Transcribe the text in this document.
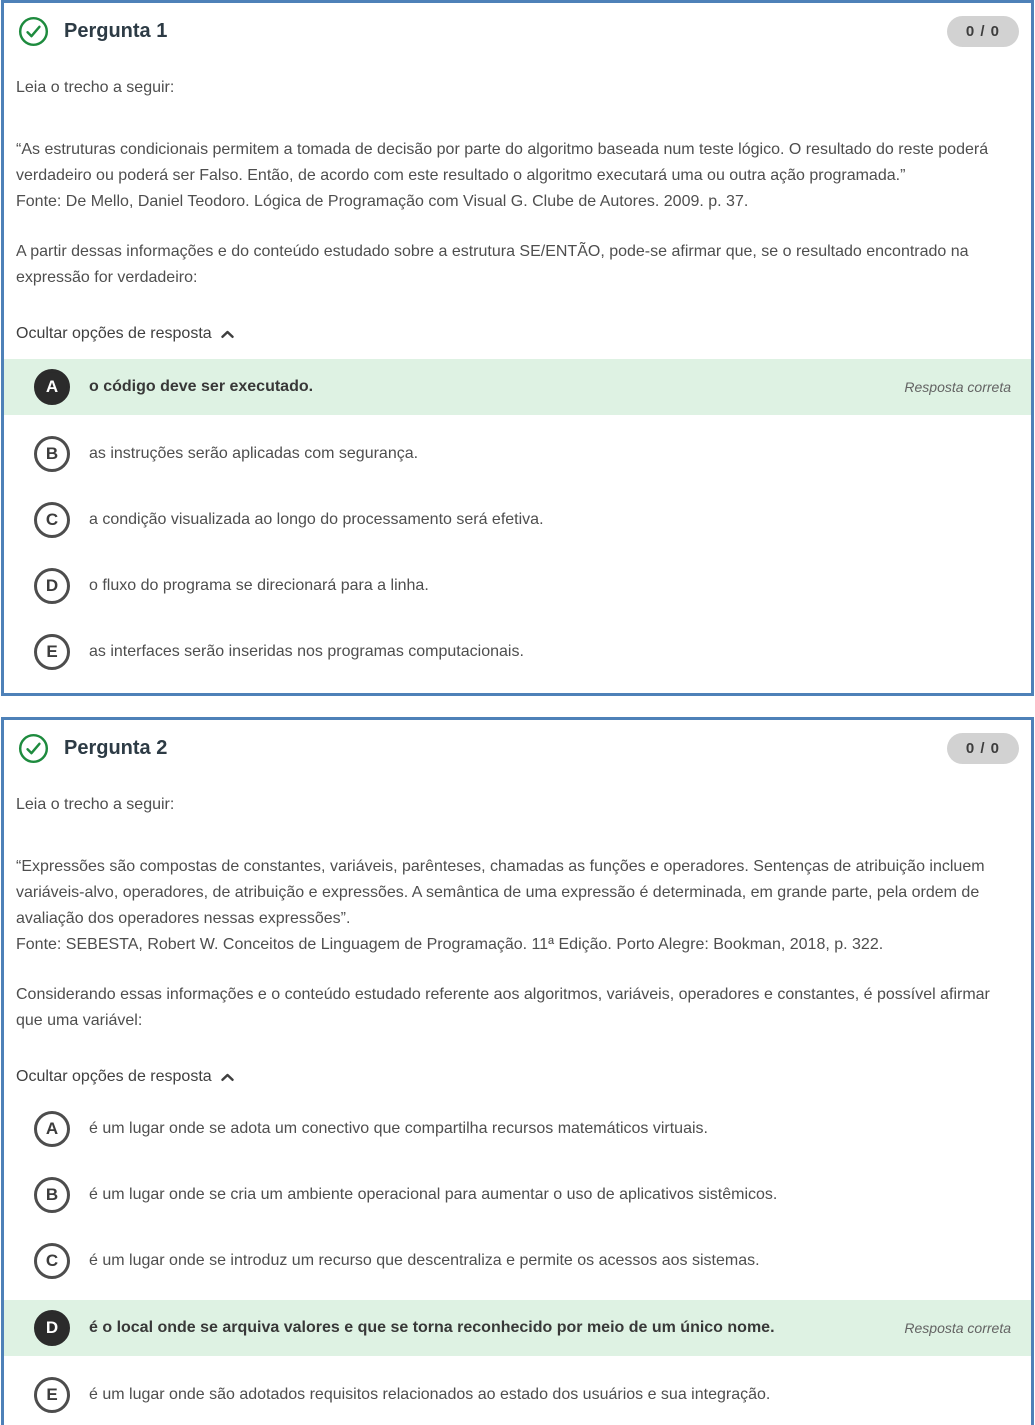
Pergunta 1	0 / 0

Leia o trecho a seguir:

“As estruturas condicionais permitem a tomada de decisão por parte do algoritmo baseada num teste lógico. O resultado do reste poderá verdadeiro ou poderá ser Falso. Então, de acordo com este resultado o algoritmo executará uma ou outra ação programada.”
Fonte: De Mello, Daniel Teodoro. Lógica de Programação com Visual G. Clube de Autores. 2009. p. 37.

A partir dessas informações e do conteúdo estudado sobre a estrutura SE/ENTÃO, pode-se afirmar que, se o resultado encontrado na expressão for verdadeiro:

Ocultar opções de resposta
A	o código deve ser executado.	Resposta correta
B	as instruções serão aplicadas com segurança.
C	a condição visualizada ao longo do processamento será efetiva.
D	o fluxo do programa se direcionará para a linha.
E	as interfaces serão inseridas nos programas computacionais.
Pergunta 2	0 / 0

Leia o trecho a seguir:

“Expressões são compostas de constantes, variáveis, parênteses, chamadas as funções e operadores. Sentenças de atribuição incluem variáveis-alvo, operadores, de atribuição e expressões. A semântica de uma expressão é determinada, em grande parte, pela ordem de avaliação dos operadores nessas expressões”.
Fonte: SEBESTA, Robert W. Conceitos de Linguagem de Programação. 11ª Edição. Porto Alegre: Bookman, 2018, p. 322.

Considerando essas informações e o conteúdo estudado referente aos algoritmos, variáveis, operadores e constantes, é possível afirmar que uma variável:

Ocultar opções de resposta
A	é um lugar onde se adota um conectivo que compartilha recursos matemáticos virtuais.
B	é um lugar onde se cria um ambiente operacional para aumentar o uso de aplicativos sistêmicos.
C	é um lugar onde se introduz um recurso que descentraliza e permite os acessos aos sistemas.
D	é o local onde se arquiva valores e que se torna reconhecido por meio de um único nome.	Resposta correta
E	é um lugar onde são adotados requisitos relacionados ao estado dos usuários e sua integração.
